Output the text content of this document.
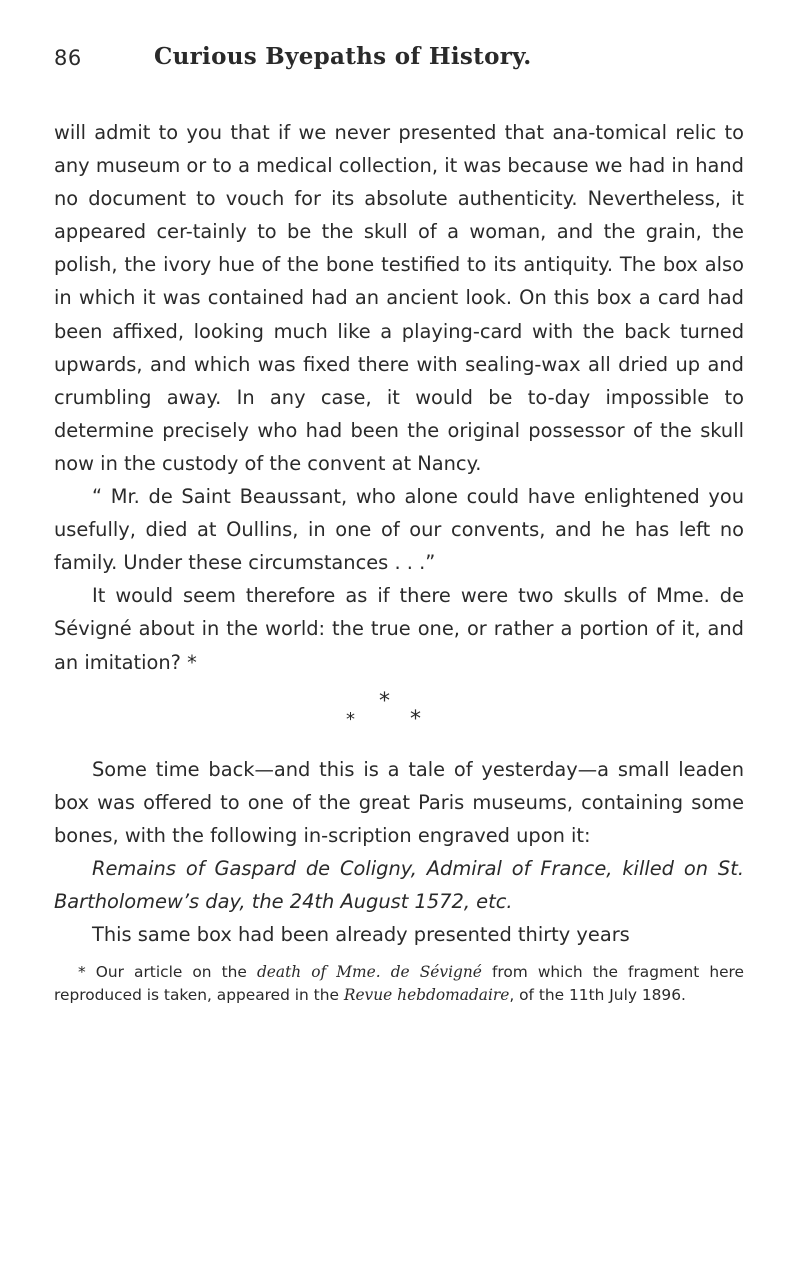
86	Curious Byepaths of History.

will admit to you that if we never presented that ana-tomical relic to any museum or to a medical collection, it was because we had in hand no document to vouch for its absolute authenticity. Nevertheless, it appeared cer-tainly to be the skull of a woman, and the grain, the polish, the ivory hue of the bone testified to its antiquity. The box also in which it was contained had an ancient look. On this box a card had been affixed, looking much like a playing-card with the back turned upwards, and which was fixed there with sealing-wax all dried up and crumbling away. In any case, it would be to-day impossible to determine precisely who had been the original possessor of the skull now in the custody of the convent at Nancy.

“ Mr. de Saint Beaussant, who alone could have enlightened you usefully, died at Oullins, in one of our convents, and he has left no family. Under these circumstances . . .”

It would seem therefore as if there were two skulls of Mme. de Sévigné about in the world: the true one, or rather a portion of it, and an imitation? *

*
*	*

Some time back—and this is a tale of yesterday—a small leaden box was offered to one of the great Paris museums, containing some bones, with the following in-scription engraved upon it:

Remains of Gaspard de Coligny, Admiral of France, killed on St. Bartholomew’s day, the 24th August 1572, etc.

This same box had been already presented thirty years

* Our article on the death of Mme. de Sévigné from which the fragment here reproduced is taken, appeared in the Revue hebdomadaire, of the 11th July 1896.
